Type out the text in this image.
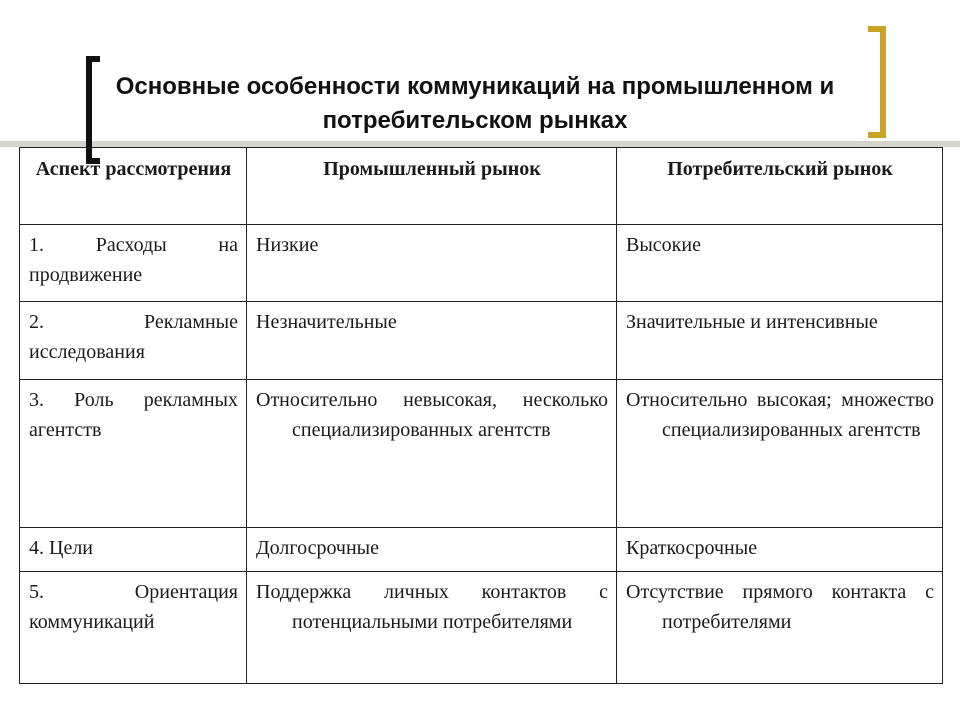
Основные особенности коммуникаций на промышленном и
потребительском рынках
Аспект рассмотрения	Промышленный рынок	Потребительский рынок
1. Расходы на продвижение	Низкие	Высокие

2. Рекламные исследования	Незначительные	Значительные и интенсивные

3. Роль рекламных агентств	Относительно невысокая, несколько специализированных агентств	Относительно высокая; множество специализированных агентств

4. Цели	Долгосрочные	Краткосрочные

5. Ориентация коммуникаций	Поддержка личных контактов с потенциальными потребителями	Отсутствие прямого контакта с потребителями
